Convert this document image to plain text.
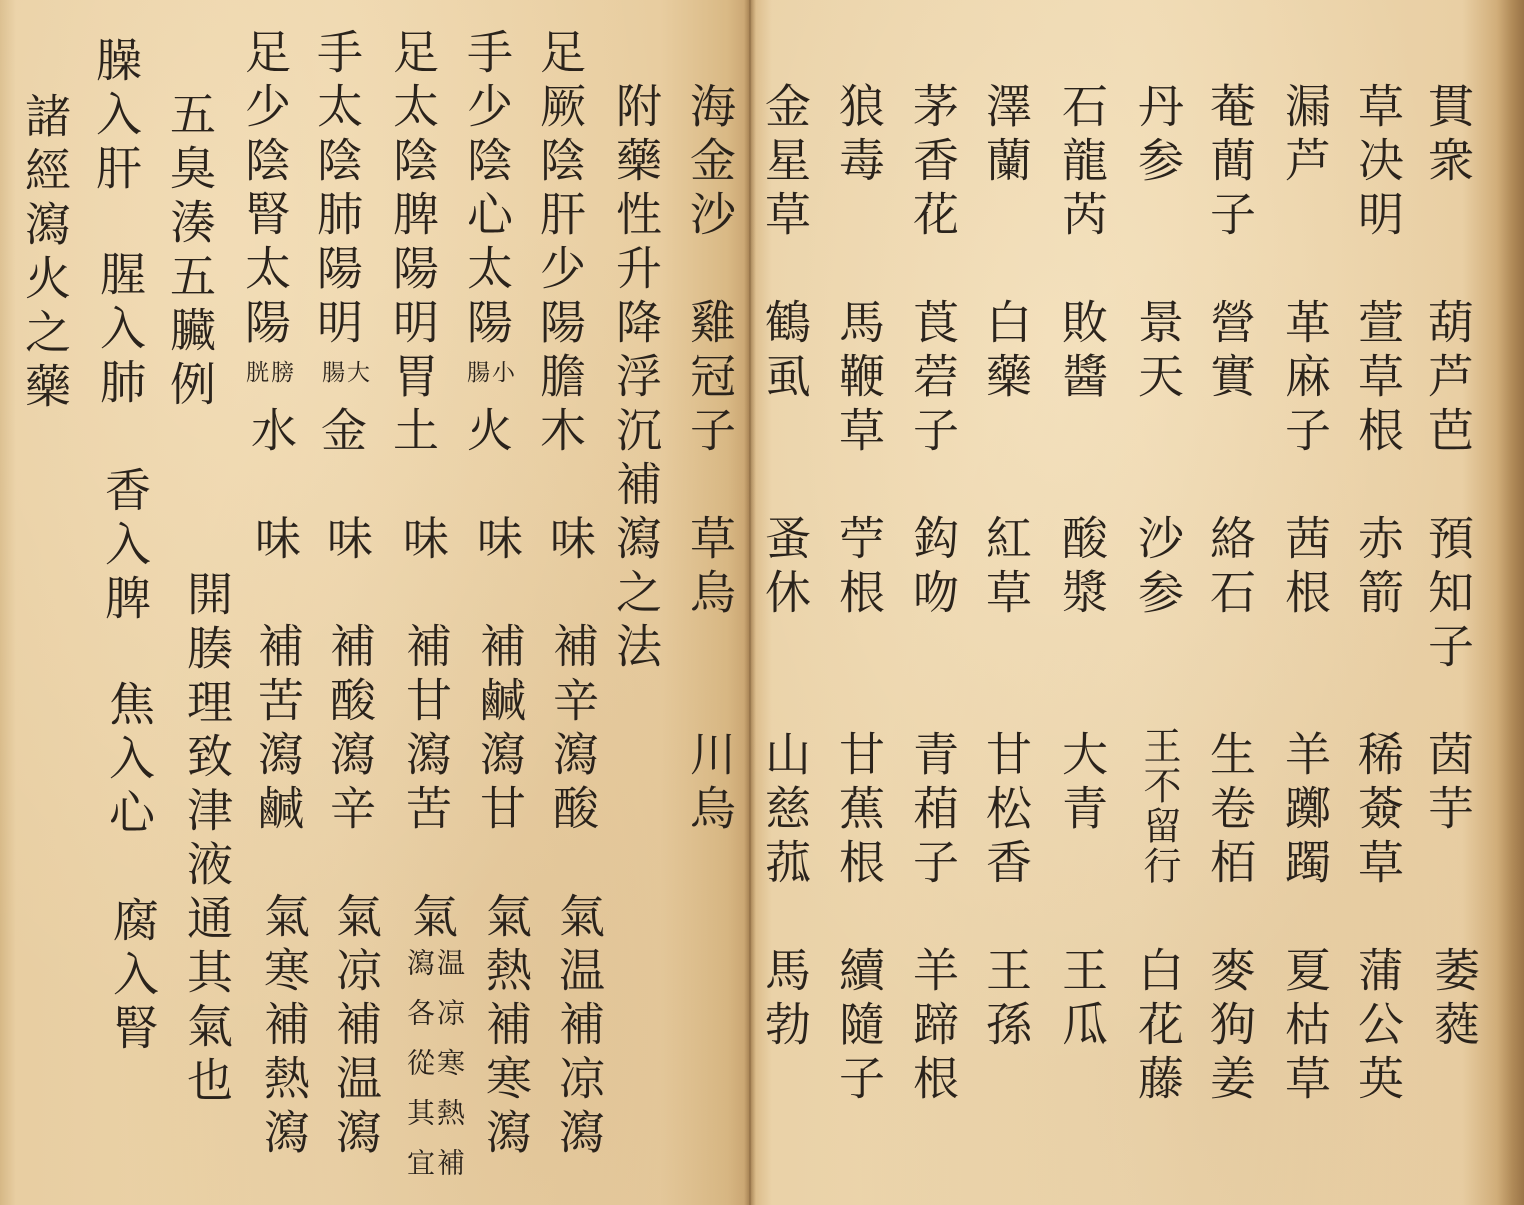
海金沙
雞冠子
草烏
川烏
附藥性升降浮沉補瀉之法
足厥陰肝少陽膽木
味
補辛瀉酸
氣温補凉瀉
手少陰心太陽
小腸
火
味
補鹹瀉甘
氣熱補寒瀉
足太陰脾陽明胃土
味
補甘瀉苦
氣
温凉寒熱補瀉各從其宜
手太陰肺陽明
大腸
金
味
補酸瀉辛
氣凉補温瀉
足少陰腎太陽
膀胱
水
味
補苦瀉鹹
氣寒補熱瀉
五臭湊五臟例
開腠理致津液通其氣也
臊入肝
腥入肺
香入脾
焦入心
腐入腎
諸經瀉火之藥	貫衆
葫芦芭
預知子
茵芋
萎蕤
草决明
萱草根
赤箭
稀薟草
蒲公英
漏芦
革麻子
茜根
羊躑躅
夏枯草
菴蕳子
營實
絡石
生卷栢
麥狗姜
丹参
景天
沙参
王不留行
白花藤
石龍芮
敗醬
酸漿
大青
王瓜
澤蘭
白藥
紅草
甘松香
王孫
茅香花
莨菪子
鈎吻
青葙子
羊蹄根
狼毒
馬鞭草
苧根
甘蕉根
續隨子
金星草
鶴虱
蚤休
山慈菰
馬勃
